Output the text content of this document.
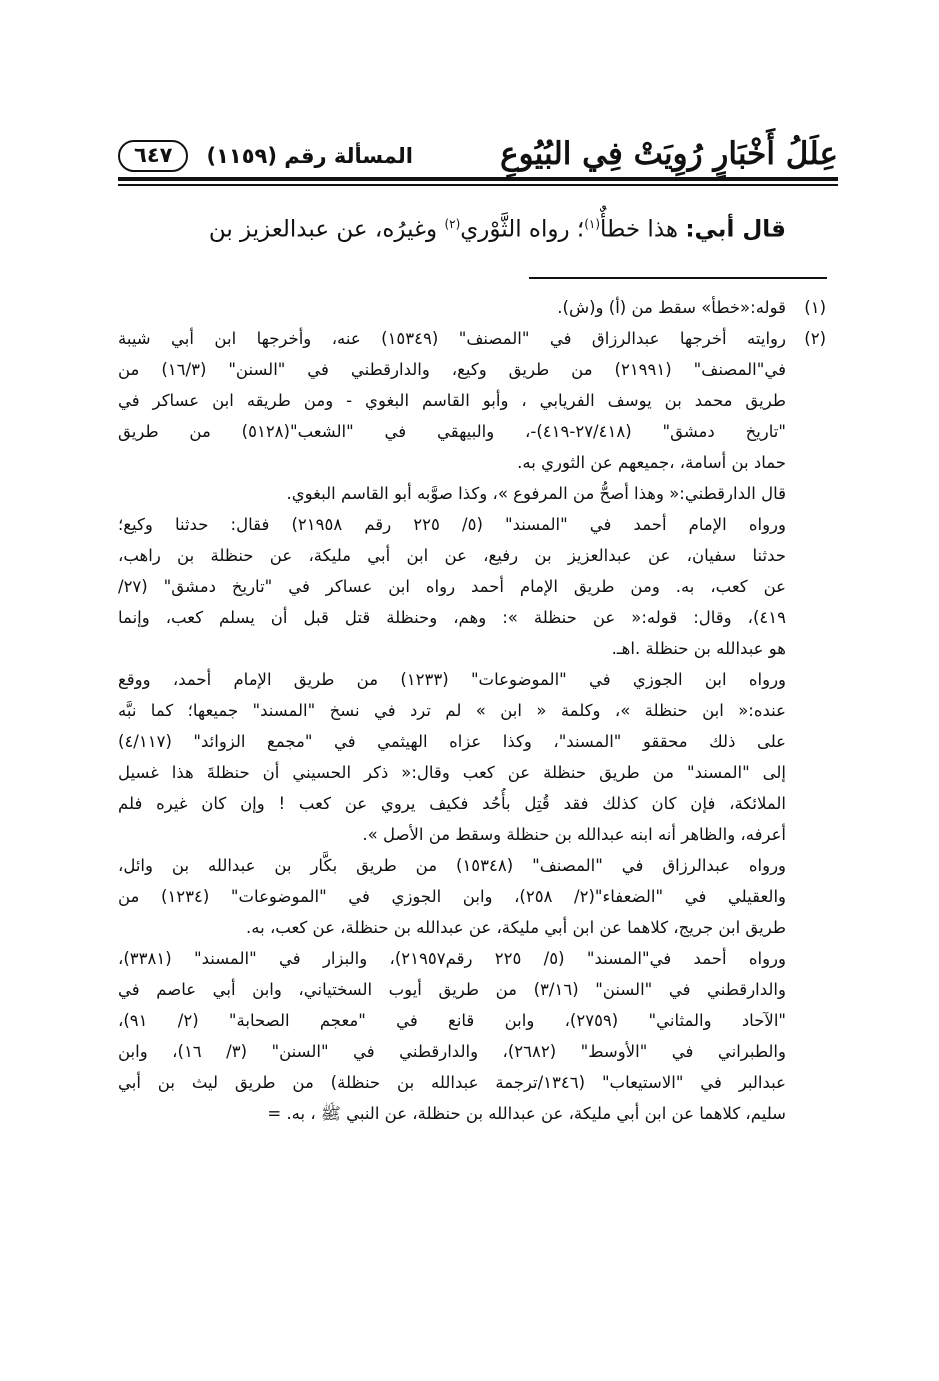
عِلَلُ أَخْبَارٍ رُوِيَتْ فِي البُيُوعِ
المسألة رقم (١١٥٩)
٦٤٧
قال أبي: هذا خطأٌ$^{(١)}$؛ رواه الثَّوْري$^{(٢)}$ وغيرُه، عن عبدالعزيز بن
(١)
قوله:«خطأ» سقط من (أ) و(ش).
(٢)
روايته أخرجها عبدالرزاق في "المصنف" (١٥٣٤٩) عنه، وأخرجها ابن أبي شيبة
في"المصنف" (٢١٩٩١) من طريق وكيع، والدارقطني في "السنن" (١٦/٣) من
طريق محمد بن يوسف الفريابي ، وأبو القاسم البغوي - ومن طريقه ابن عساكر في
"تاريخ دمشق" (٢٧/٤١٨-٤١٩)-، والبيهقي في "الشعب"(٥١٢٨) من طريق
حماد بن أسامة، ،جميعهم عن الثوري به.
قال الدارقطني:« وهذا أصحُّ من المرفوع »، وكذا صوَّبه أبو القاسم البغوي.
ورواه الإمام أحمد في "المسند" (٥/ ٢٢٥ رقم ٢١٩٥٨) فقال: حدثنا وكيع؛
حدثنا سفيان، عن عبدالعزيز بن رفيع، عن ابن أبي مليكة، عن حنظلة بن راهب،
عن كعب، به. ومن طريق الإمام أحمد رواه ابن عساكر في "تاريخ دمشق" (٢٧/
٤١٩)، وقال: قوله:« عن حنظلة »: وهم، وحنظلة قتل قبل أن يسلم كعب، وإنما
هو عبدالله بن حنظلة .اهـ.
ورواه ابن الجوزي في "الموضوعات" (١٢٣٣) من طريق الإمام أحمد، ووقع
عنده:« ابن حنظلة »، وكلمة « ابن » لم ترد في نسخ "المسند" جميعها؛ كما نبَّه
على ذلك محققو "المسند"، وكذا عزاه الهيثمي في "مجمع الزوائد" (٤/١١٧)
إلى "المسند" من طريق حنظلة عن كعب وقال:« ذكر الحسيني أن حنظلةَ هذا غسيل
الملائكة، فإن كان كذلك فقد قُتِل بأُحُد فكيف يروي عن كعب ! وإن كان غيره فلم
أعرفه، والظاهر أنه ابنه عبدالله بن حنظلة وسقط من الأصل ».
ورواه عبدالرزاق في "المصنف" (١٥٣٤٨) من طريق بكَّار بن عبدالله بن وائل،
والعقيلي في "الضعفاء"(٢/ ٢٥٨)، وابن الجوزي في "الموضوعات" (١٢٣٤) من
طريق ابن جريج، كلاهما عن ابن أبي مليكة، عن عبدالله بن حنظلة، عن كعب، به.
ورواه أحمد في"المسند" (٥/ ٢٢٥ رقم٢١٩٥٧)، والبزار في "المسند" (٣٣٨١)،
والدارقطني في "السنن" (٣/١٦) من طريق أيوب السختياني، وابن أبي عاصم في
"الآحاد والمثاني" (٢٧٥٩)، وابن قانع في "معجم الصحابة" (٢/ ٩١)،
والطبراني في "الأوسط" (٢٦٨٢)، والدارقطني في "السنن" (٣/ ١٦)، وابن
عبدالبر في "الاستيعاب" (١٣٤٦/ترجمة عبدالله بن حنظلة) من طريق ليث بن أبي
سليم، كلاهما عن ابن أبي مليكة، عن عبدالله بن حنظلة، عن النبي ﷺ ، به. =
